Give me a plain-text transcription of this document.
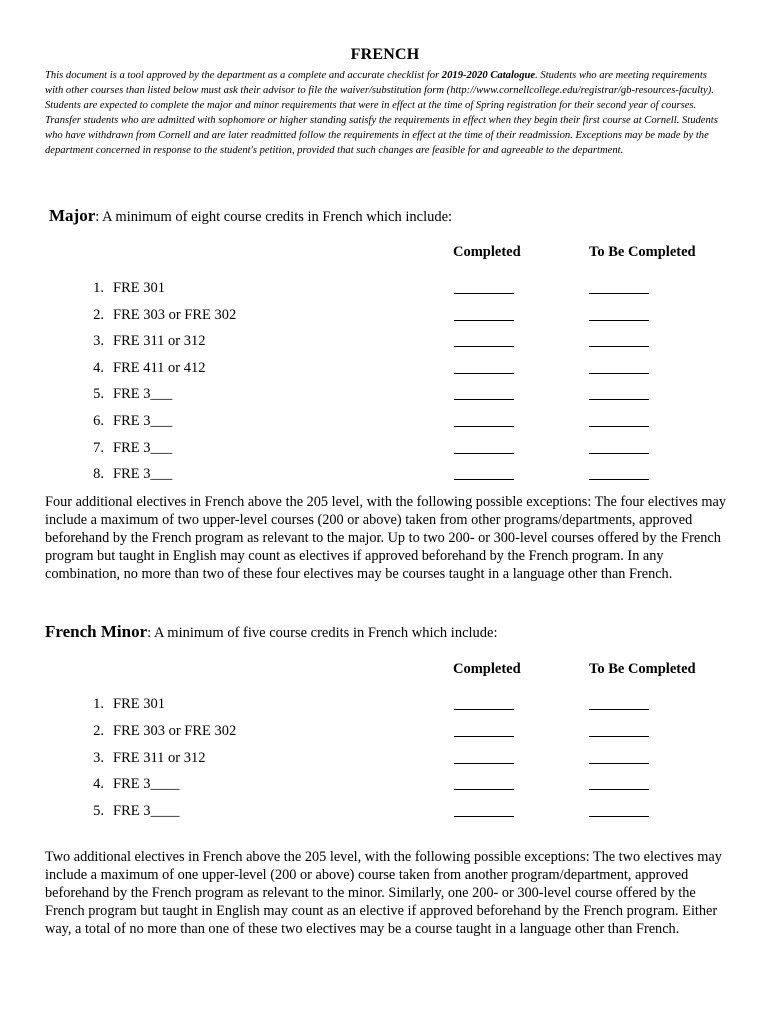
FRENCH
This document is a tool approved by the department as a complete and accurate checklist for 2019-2020 Catalogue. Students who are meeting requirements with other courses than listed below must ask their advisor to file the waiver/substitution form (http://www.cornellcollege.edu/registrar/gb-resources-faculty). Students are expected to complete the major and minor requirements that were in effect at the time of Spring registration for their second year of courses. Transfer students who are admitted with sophomore or higher standing satisfy the requirements in effect when they begin their first course at Cornell. Students who have withdrawn from Cornell and are later readmitted follow the requirements in effect at the time of their readmission. Exceptions may be made by the department concerned in response to the student's petition, provided that such changes are feasible for and agreeable to the department.
Major: A minimum of eight course credits in French which include:
Completed	To Be Completed
1. FRE 301
2. FRE 303 or FRE 302
3. FRE 311 or 312
4. FRE 411 or 412
5. FRE 3___
6. FRE 3___
7. FRE 3___
8. FRE 3___
Four additional electives in French above the 205 level, with the following possible exceptions: The four electives may include a maximum of two upper-level courses (200 or above) taken from other programs/departments, approved beforehand by the French program as relevant to the major. Up to two 200- or 300-level courses offered by the French program but taught in English may count as electives if approved beforehand by the French program. In any combination, no more than two of these four electives may be courses taught in a language other than French.
French Minor: A minimum of five course credits in French which include:
Completed	To Be Completed
1. FRE 301
2. FRE 303 or FRE 302
3. FRE 311 or 312
4. FRE 3____
5. FRE 3____
Two additional electives in French above the 205 level, with the following possible exceptions: The two electives may include a maximum of one upper-level (200 or above) course taken from another program/department, approved beforehand by the French program as relevant to the minor. Similarly, one 200- or 300-level course offered by the French program but taught in English may count as an elective if approved beforehand by the French program. Either way, a total of no more than one of these two electives may be a course taught in a language other than French.
